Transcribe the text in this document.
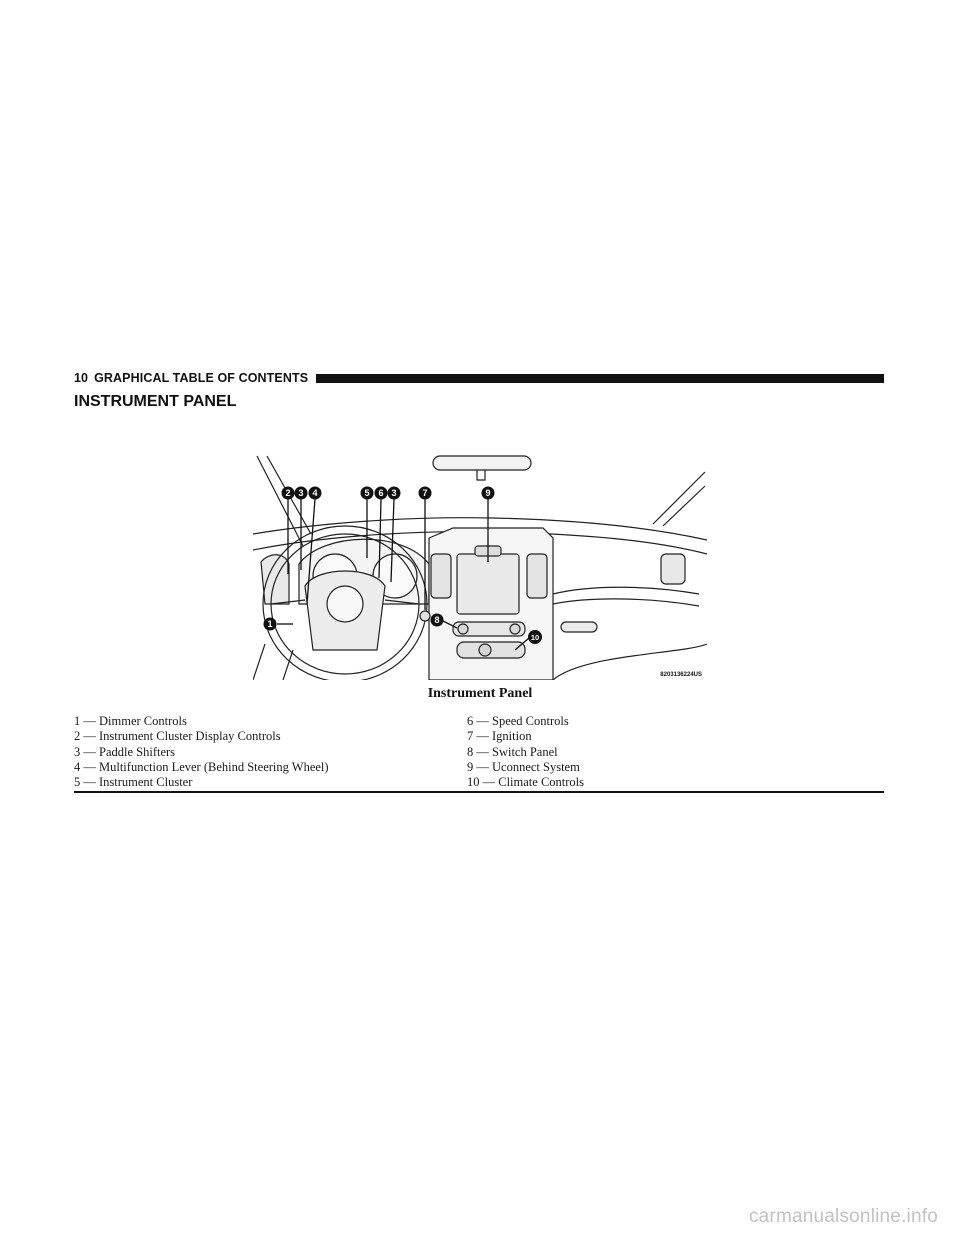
10 GRAPHICAL TABLE OF CONTENTS
INSTRUMENT PANEL
2 3 4	5 6 3	7	9
1	8
10
8203136224US
Instrument Panel
1 — Dimmer Controls	6 — Speed Controls
2 — Instrument Cluster Display Controls	7 — Ignition
3 — Paddle Shifters	8 — Switch Panel
4 — Multifunction Lever (Behind Steering Wheel)	9 — Uconnect System
5 — Instrument Cluster	10 — Climate Controls
carmanualsonline.info
